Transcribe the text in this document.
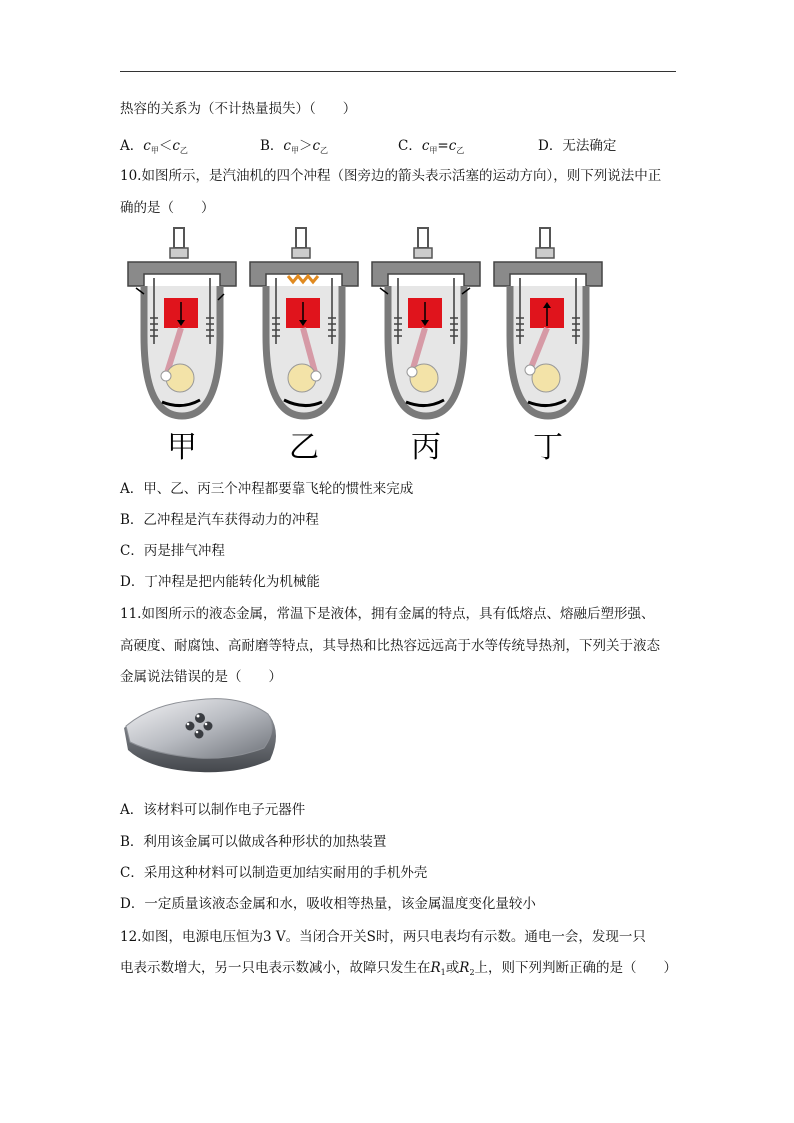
热容的关系为（不计热量损失）（　　）
A．$c_甲<c_乙$	B．$c_甲>c_乙$	C．$c_甲=c_乙$	D．无法确定
10.如图所示，是汽油机的四个冲程（图旁边的箭头表示活塞的运动方向），则下列说法中正
确的是（　　）
甲	乙	丙	丁
A．甲、乙、丙三个冲程都要靠飞轮的惯性来完成
B．乙冲程是汽车获得动力的冲程
C．丙是排气冲程
D．丁冲程是把内能转化为机械能
11.如图所示的液态金属，常温下是液体，拥有金属的特点，具有低熔点、熔融后塑形强、
高硬度、耐腐蚀、高耐磨等特点，其导热和比热容远远高于水等传统导热剂，下列关于液态
金属说法错误的是（　　）
A．该材料可以制作电子元器件
B．利用该金属可以做成各种形状的加热装置
C．采用这种材料可以制造更加结实耐用的手机外壳
D．一定质量该液态金属和水，吸收相等热量，该金属温度变化量较小
12.如图，电源电压恒为3 V。当闭合开关S时，两只电表均有示数。通电一会，发现一只
电表示数增大，另一只电表示数减小，故障只发生在$R_1$或$R_2$上，则下列判断正确的是（　　）
